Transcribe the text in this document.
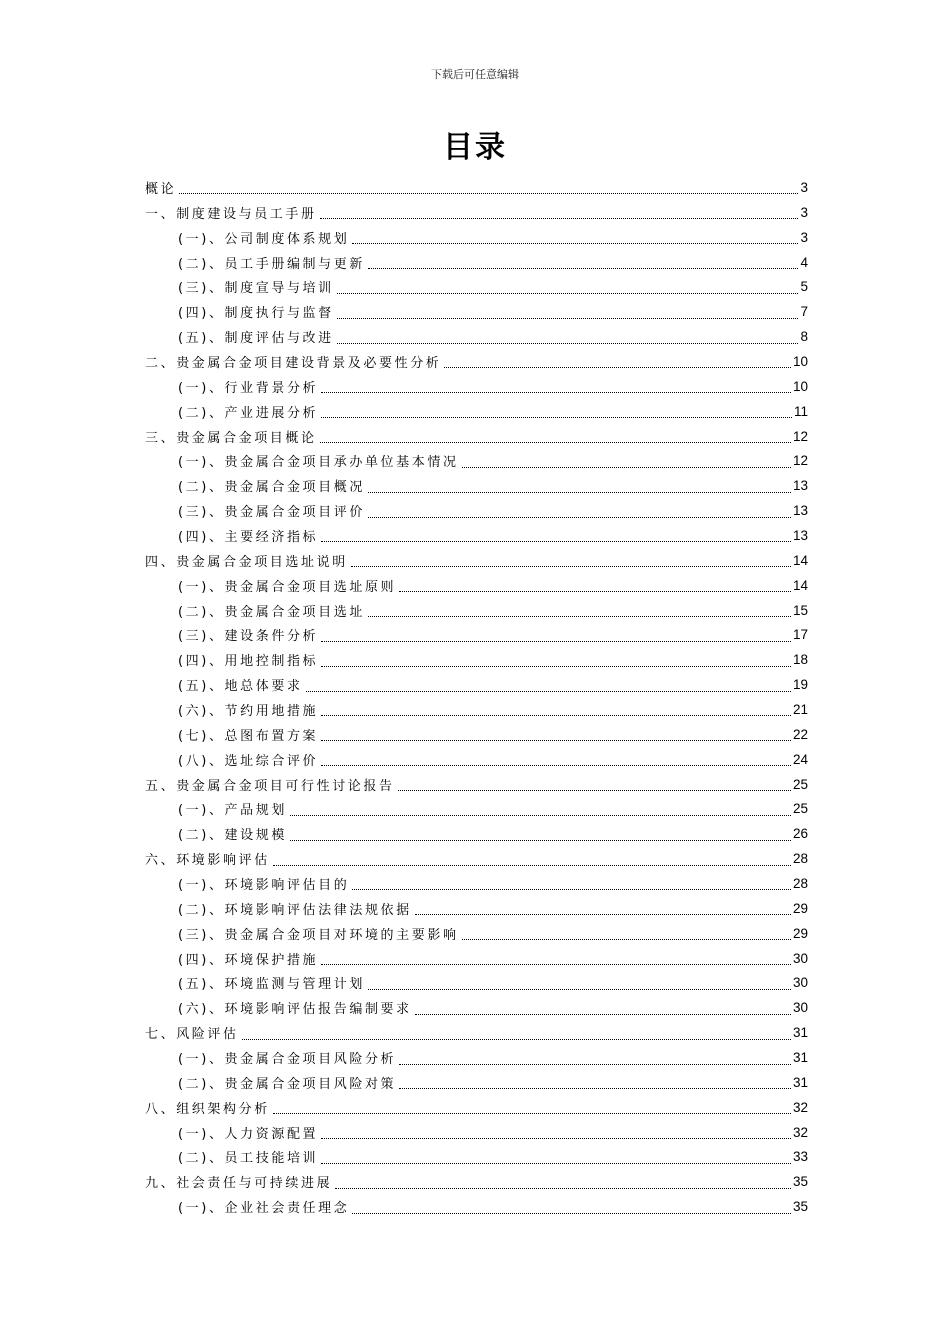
下载后可任意编辑
目录
概论	3
一、制度建设与员工手册	3
(一)、公司制度体系规划	3
(二)、员工手册编制与更新	4
(三)、制度宣导与培训	5
(四)、制度执行与监督	7
(五)、制度评估与改进	8
二、贵金属合金项目建设背景及必要性分析	10
(一)、行业背景分析	10
(二)、产业进展分析	11
三、贵金属合金项目概论	12
(一)、贵金属合金项目承办单位基本情况	12
(二)、贵金属合金项目概况	13
(三)、贵金属合金项目评价	13
(四)、主要经济指标	13
四、贵金属合金项目选址说明	14
(一)、贵金属合金项目选址原则	14
(二)、贵金属合金项目选址	15
(三)、建设条件分析	17
(四)、用地控制指标	18
(五)、地总体要求	19
(六)、节约用地措施	21
(七)、总图布置方案	22
(八)、选址综合评价	24
五、贵金属合金项目可行性讨论报告	25
(一)、产品规划	25
(二)、建设规模	26
六、环境影响评估	28
(一)、环境影响评估目的	28
(二)、环境影响评估法律法规依据	29
(三)、贵金属合金项目对环境的主要影响	29
(四)、环境保护措施	30
(五)、环境监测与管理计划	30
(六)、环境影响评估报告编制要求	30
七、风险评估	31
(一)、贵金属合金项目风险分析	31
(二)、贵金属合金项目风险对策	31
八、组织架构分析	32
(一)、人力资源配置	32
(二)、员工技能培训	33
九、社会责任与可持续进展	35
(一)、企业社会责任理念	35
